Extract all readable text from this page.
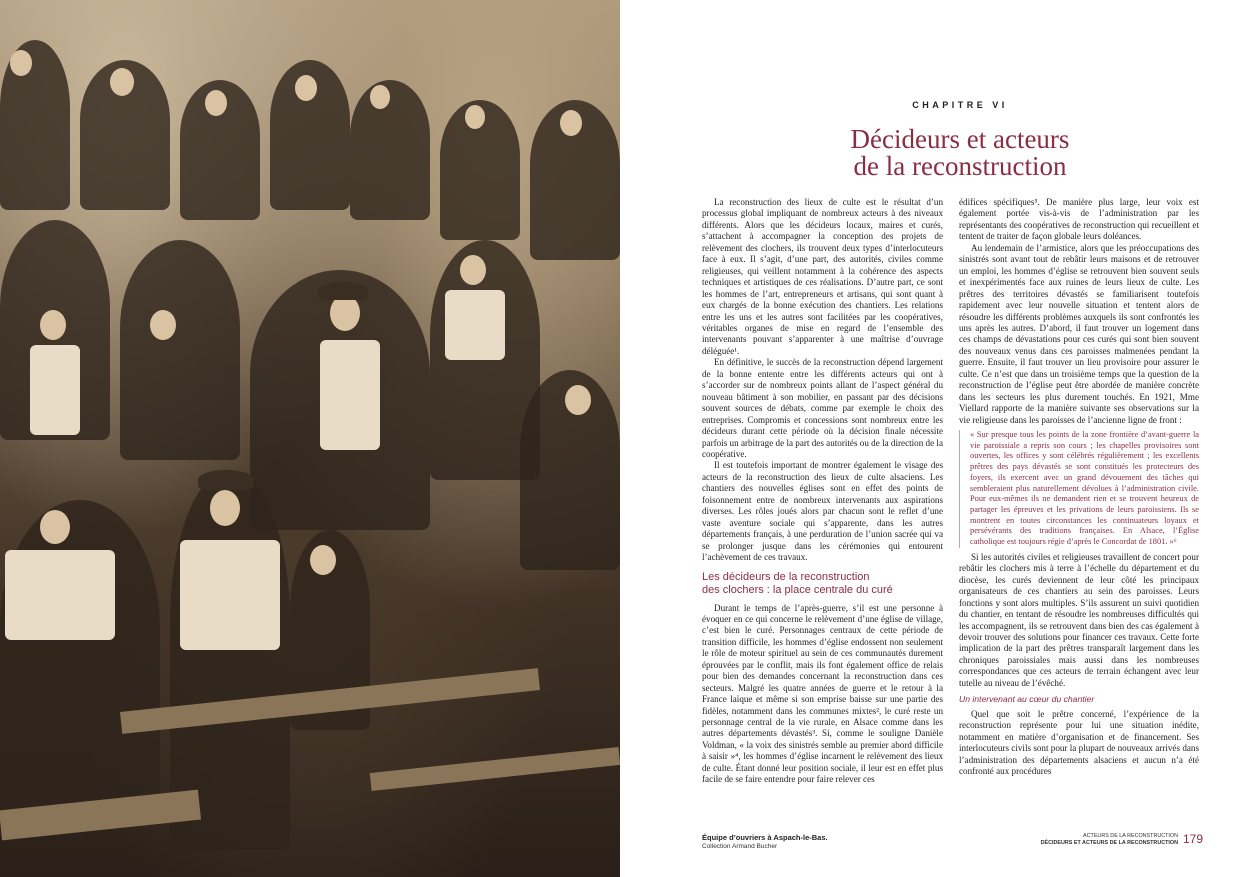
CHAPITRE VI
Décideurs et acteurs
de la reconstruction

La reconstruction des lieux de culte est le résultat d’un processus global impliquant de nombreux acteurs à des niveaux différents. Alors que les décideurs locaux, maires et curés, s’attachent à accompagner la conception des projets de relèvement des clochers, ils trouvent deux types d’interlocuteurs face à eux. Il s’agit, d’une part, des autorités, civiles comme religieuses, qui veillent notamment à la cohérence des aspects techniques et artistiques de ces réalisations. D’autre part, ce sont les hommes de l’art, entrepreneurs et artisans, qui sont quant à eux chargés de la bonne exécution des chantiers. Les relations entre les uns et les autres sont facilitées par les coopératives, véritables organes de mise en regard de l’ensemble des intervenants pouvant s’apparenter à une maîtrise d’ouvrage déléguée¹.

En définitive, le succès de la reconstruction dépend largement de la bonne entente entre les différents acteurs qui ont à s’accorder sur de nombreux points allant de l’aspect général du nouveau bâtiment à son mobilier, en passant par des décisions souvent sources de débats, comme par exemple le choix des entreprises. Compromis et concessions sont nombreux entre les décideurs durant cette période où la décision finale nécessite parfois un arbitrage de la part des autorités ou de la direction de la coopérative.

Il est toutefois important de montrer également le visage des acteurs de la reconstruction des lieux de culte alsaciens. Les chantiers des nouvelles églises sont en effet des points de foisonnement entre de nombreux intervenants aux aspirations diverses. Les rôles joués alors par chacun sont le reflet d’une vaste aventure sociale qui s’apparente, dans les autres départements français, à une perduration de l’union sacrée qui va se prolonger jusque dans les cérémonies qui entourent l’achèvement de ces travaux.

Les décideurs de la reconstruction
des clochers : la place centrale du curé

Durant le temps de l’après-guerre, s’il est une personne à évoquer en ce qui concerne le relèvement d’une église de village, c’est bien le curé. Personnages centraux de cette période de transition difficile, les hommes d’église endossent non seulement le rôle de moteur spirituel au sein de ces communautés durement éprouvées par le conflit, mais ils font également office de relais pour bien des demandes concernant la reconstruction dans ces secteurs. Malgré les quatre années de guerre et le retour à la France laïque et même si son emprise baisse sur une partie des fidèles, notamment dans les communes mixtes², le curé reste un personnage central de la vie rurale, en Alsace comme dans les autres départements dévastés³. Si, comme le souligne Danièle Voldman, « la voix des sinistrés semble au premier abord difficile à saisir »⁴, les hommes d’église incarnent le relèvement des lieux de culte. Étant donné leur position sociale, il leur est en effet plus facile de se faire entendre pour faire relever ces

édifices spécifiques⁵. De manière plus large, leur voix est également portée vis-à-vis de l’administration par les représentants des coopératives de reconstruction qui recueillent et tentent de traiter de façon globale leurs doléances.

Au lendemain de l’armistice, alors que les préoccupations des sinistrés sont avant tout de rebâtir leurs maisons et de retrouver un emploi, les hommes d’église se retrouvent bien souvent seuls et inexpérimentés face aux ruines de leurs lieux de culte. Les prêtres des territoires dévastés se familiarisent toutefois rapidement avec leur nouvelle situation et tentent alors de résoudre les différents problèmes auxquels ils sont confrontés les uns après les autres. D’abord, il faut trouver un logement dans ces champs de dévastations pour ces curés qui sont bien souvent des nouveaux venus dans ces paroisses malmenées pendant la guerre. Ensuite, il faut trouver un lieu provisoire pour assurer le culte. Ce n’est que dans un troisième temps que la question de la reconstruction de l’église peut être abordée de manière concrète dans les secteurs les plus durement touchés. En 1921, Mme Viellard rapporte de la manière suivante ses observations sur la vie religieuse dans les paroisses de l’ancienne ligne de front :

« Sur presque tous les points de la zone frontière d’avant-guerre la vie paroissiale a repris son cours ; les chapelles provisoires sont ouvertes, les offices y sont célébrés régulièrement ; les excellents prêtres des pays dévastés se sont constitués les protecteurs des foyers, ils exercent avec un grand dévouement des tâches qui sembleraient plus naturellement dévolues à l’administration civile. Pour eux-mêmes ils ne demandent rien et se trouvent heureux de partager les épreuves et les privations de leurs paroissiens. Ils se montrent en toutes circonstances les continuateurs loyaux et persévérants des traditions françaises. En Alsace, l’Église catholique est toujours régie d’après le Concordat de 1801. »⁶

Si les autorités civiles et religieuses travaillent de concert pour rebâtir les clochers mis à terre à l’échelle du département et du diocèse, les curés deviennent de leur côté les principaux organisateurs de ces chantiers au sein des paroisses. Leurs fonctions y sont alors multiples. S’ils assurent un suivi quotidien du chantier, en tentant de résoudre les nombreuses difficultés qui les accompagnent, ils se retrouvent dans bien des cas également à devoir trouver des solutions pour financer ces travaux. Cette forte implication de la part des prêtres transparaît largement dans les chroniques paroissiales mais aussi dans les nombreuses correspondances que ces acteurs de terrain échangent avec leur tutelle au niveau de l’évêché.

Un intervenant au cœur du chantier

Quel que soit le prêtre concerné, l’expérience de la reconstruction représente pour lui une situation inédite, notamment en matière d’organisation et de financement. Ses interlocuteurs civils sont pour la plupart de nouveaux arrivés dans l’administration des départements alsaciens et aucun n’a été confronté aux procédures

Équipe d’ouvriers à Aspach-le-Bas.
Collection Armand Bucher
ACTEURS DE LA RECONSTRUCTION
DÉCIDEURS ET ACTEURS DE LA RECONSTRUCTION 179
